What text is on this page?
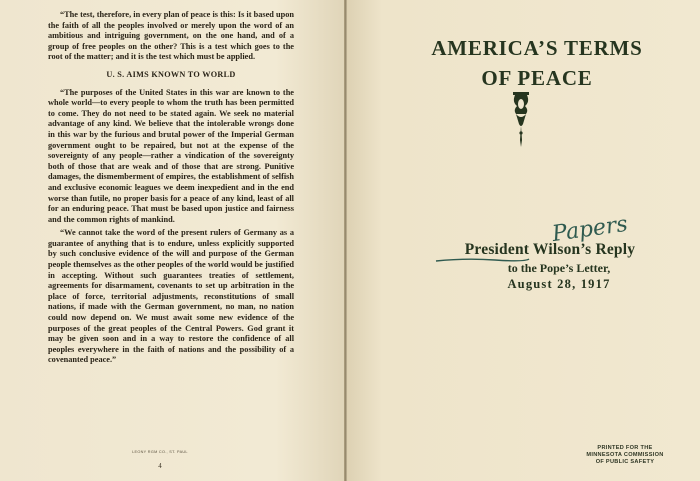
“The test, therefore, in every plan of peace is this: Is it based upon the faith of all the peoples involved or merely upon the word of an ambitious and intriguing government, on the one hand, and of a group of free peoples on the other? This is a test which goes to the root of the matter; and it is the test which must be applied.

U. S. AIMS KNOWN TO WORLD

“The purposes of the United States in this war are known to the whole world—to every people to whom the truth has been permitted to come. They do not need to be stated again. We seek no material advantage of any kind. We believe that the intolerable wrongs done in this war by the furious and brutal power of the Imperial German government ought to be repaired, but not at the expense of the sovereignty of any people—rather a vindication of the sovereignty both of those that are weak and of those that are strong. Punitive damages, the dismemberment of empires, the establishment of selfish and exclusive economic leagues we deem inexpedient and in the end worse than futile, no proper basis for a peace of any kind, least of all for an enduring peace. That must be based upon justice and fairness and the common rights of mankind.

“We cannot take the word of the present rulers of Germany as a guarantee of anything that is to endure, unless explicitly supported by such conclusive evidence of the will and purpose of the German people themselves as the other peoples of the world would be justified in accepting. Without such guarantees treaties of settlement, agreements for disarmament, covenants to set up arbitration in the place of force, territorial adjustments, reconstitutions of small nations, if made with the German government, no man, no nation could now depend on. We must await some new evidence of the purposes of the great peoples of the Central Powers. God grant it may be given soon and in a way to restore the confidence of all peoples everywhere in the faith of nations and the possibility of a covenanted peace.”

LEONY RGM CO., ST. PAUL
4
AMERICA’S TERMS
OF PEACE
Papers
President Wilson’s Reply
to the Pope’s Letter,
August 28, 1917
PRINTED FOR THE
MINNESOTA COMMISSION
OF PUBLIC SAFETY
